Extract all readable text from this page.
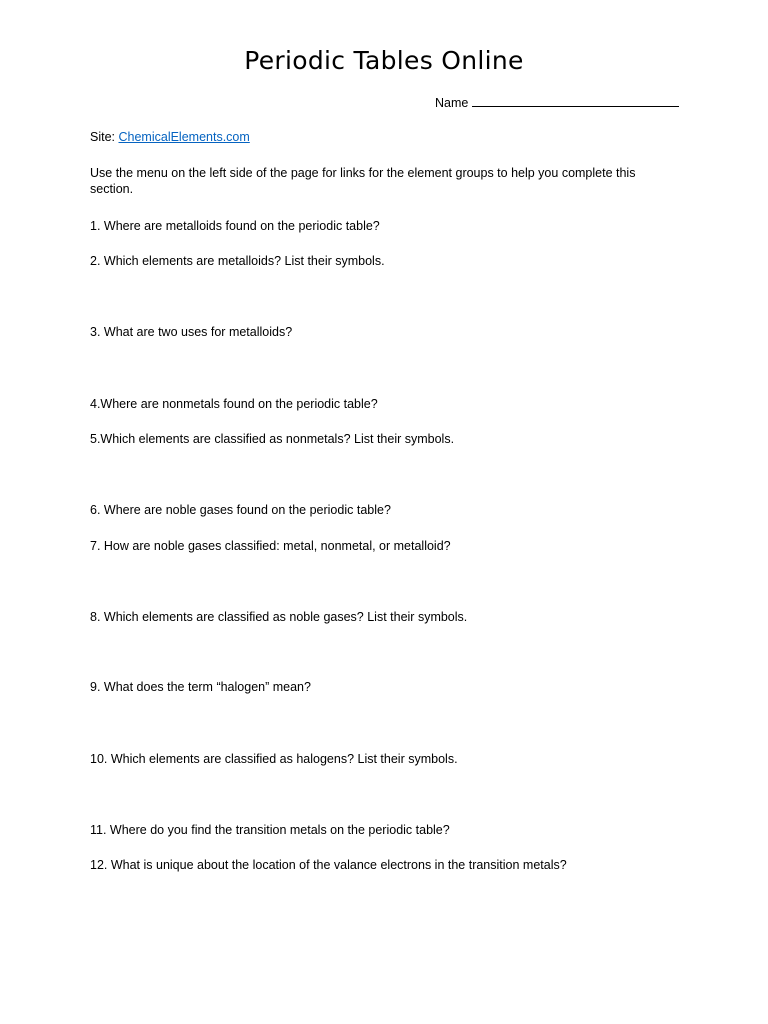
Periodic Tables Online
Name
Site: ChemicalElements.com
Use the menu on the left side of the page for links for the element groups to help you complete this section.
1. Where are metalloids found on the periodic table?
2. Which elements are metalloids? List their symbols.
3. What are two uses for metalloids?
4.Where are nonmetals found on the periodic table?
5.Which elements are classified as nonmetals? List their symbols.
6. Where are noble gases found on the periodic table?
7. How are noble gases classified: metal, nonmetal, or metalloid?
8. Which elements are classified as noble gases? List their symbols.
9. What does the term “halogen” mean?
10. Which elements are classified as halogens? List their symbols.
11. Where do you find the transition metals on the periodic table?
12. What is unique about the location of the valance electrons in the transition metals?
